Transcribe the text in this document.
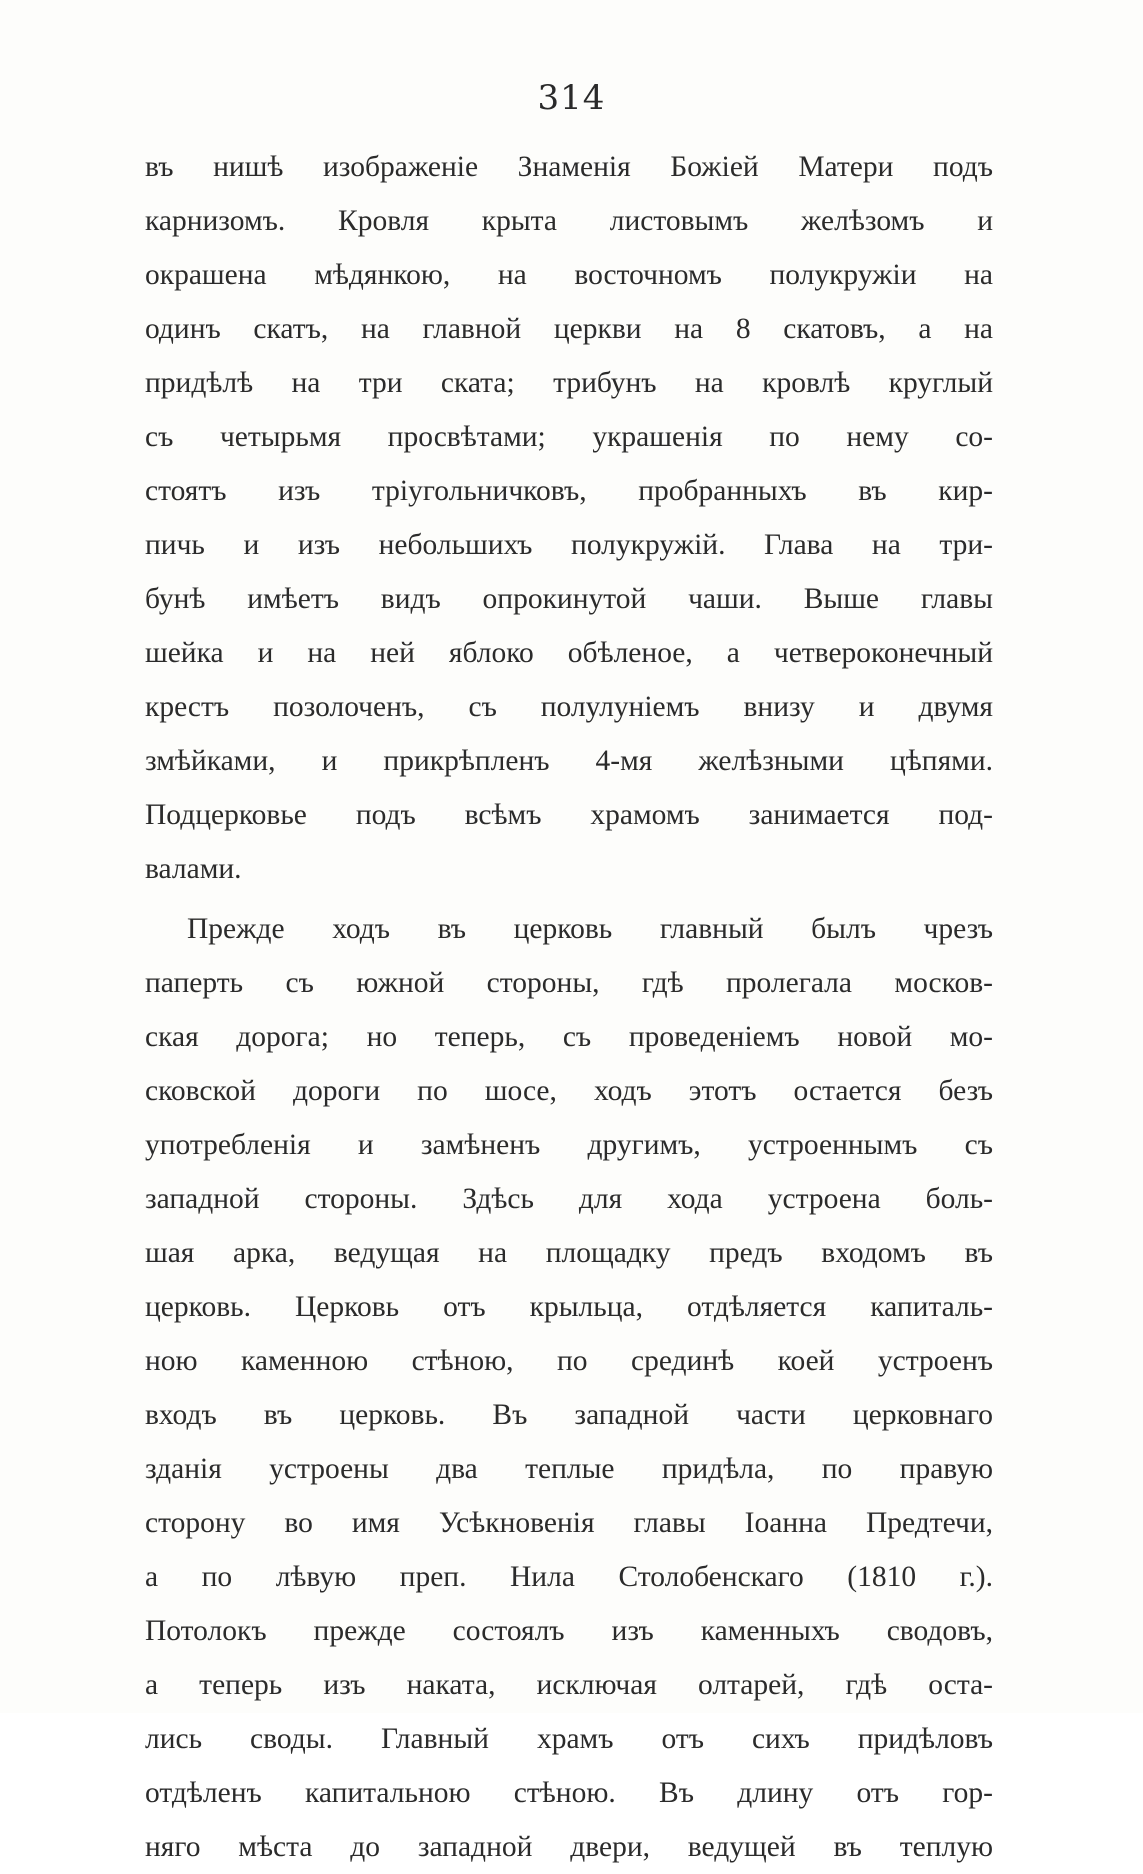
314
въ нишѣ изображеніе Знаменія Божіей Матери подъ
карнизомъ. Кровля крыта листовымъ желѣзомъ и
окрашена мѣдянкою, на восточномъ полукружіи на
одинъ скатъ, на главной церкви на 8 скатовъ, а на
придѣлѣ на три ската; трибунъ на кровлѣ круглый
съ четырьмя просвѣтами; украшенія по нему со-
стоятъ изъ тріугольничковъ, пробранныхъ въ кир-
пичь и изъ небольшихъ полукружій. Глава на три-
бунѣ имѣетъ видъ опрокинутой чаши. Выше главы
шейка и на ней яблоко обѣленое, а четвероконечный
крестъ позолоченъ, съ полулуніемъ внизу и двумя
змѣйками, и прикрѣпленъ 4-мя желѣзными цѣпями.
Подцерковье подъ всѣмъ храмомъ занимается под-
валами.
Прежде ходъ въ церковь главный былъ чрезъ
паперть съ южной стороны, гдѣ пролегала москов-
ская дорога; но теперь, съ проведеніемъ новой мо-
сковской дороги по шосе, ходъ этотъ остается безъ
употребленія и замѣненъ другимъ, устроеннымъ съ
западной стороны. Здѣсь для хода устроена боль-
шая арка, ведущая на площадку предъ входомъ въ
церковь. Церковь отъ крыльца, отдѣляется капиталь-
ною каменною стѣною, по срединѣ коей устроенъ
входъ въ церковь. Въ западной части церковнаго
зданія устроены два теплые придѣла, по правую
сторону во имя Усѣкновенія главы Іоанна Предтечи,
а по лѣвую преп. Нила Столобенскаго (1810 г.).
Потолокъ прежде состоялъ изъ каменныхъ сводовъ,
а теперь изъ наката, исключая олтарей, гдѣ оста-
лись своды. Главный храмъ отъ сихъ придѣловъ
отдѣленъ капитальною стѣною. Въ длину отъ гор-
няго мѣста до западной двери, ведущей въ теплую
